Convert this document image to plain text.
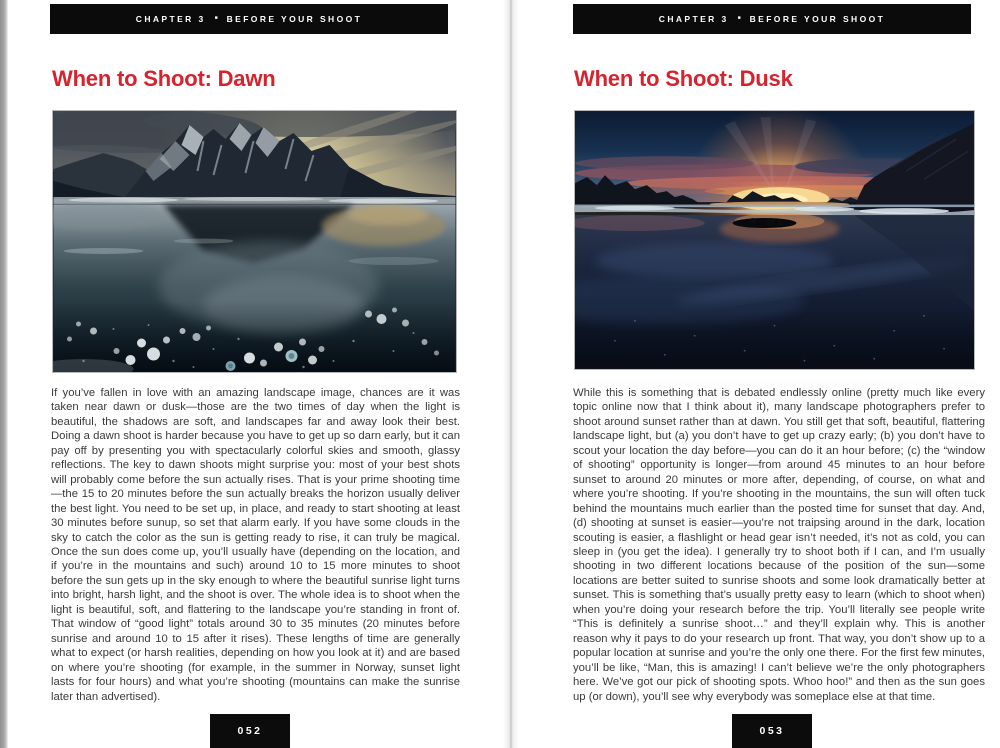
CHAPTER 3 ■ BEFORE YOUR SHOOT
When to Shoot: Dawn

If you’ve fallen in love with an amazing landscape image, chances are it was taken near dawn or dusk—those are the two times of day when the light is beautiful, the shadows are soft, and landscapes far and away look their best. Doing a dawn shoot is harder because you have to get up so darn early, but it can pay off by presenting you with spectacularly colorful skies and smooth, glassy reflections. The key to dawn shoots might surprise you: most of your best shots will probably come before the sun actually rises. That is your prime shooting time—the 15 to 20 minutes before the sun actually breaks the horizon usually deliver the best light. You need to be set up, in place, and ready to start shooting at least 30 minutes before sunup, so set that alarm early. If you have some clouds in the sky to catch the color as the sun is getting ready to rise, it can truly be magical. Once the sun does come up, you’ll usually have (depending on the location, and if you’re in the mountains and such) around 10 to 15 more minutes to shoot before the sun gets up in the sky enough to where the beautiful sunrise light turns into bright, harsh light, and the shoot is over. The whole idea is to shoot when the light is beautiful, soft, and flattering to the landscape you’re standing in front of. That window of “good light” totals around 30 to 35 minutes (20 minutes before sunrise and around 10 to 15 after it rises). These lengths of time are generally what to expect (or harsh realities, depending on how you look at it) and are based on where you’re shooting (for example, in the summer in Norway, sunset light lasts for four hours) and what you’re shooting (mountains can make the sunrise later than advertised).

052
CHAPTER 3 ■ BEFORE YOUR SHOOT
When to Shoot: Dusk

While this is something that is debated endlessly online (pretty much like every topic online now that I think about it), many landscape photographers prefer to shoot around sunset rather than at dawn. You still get that soft, beautiful, flattering landscape light, but (a) you don’t have to get up crazy early; (b) you don’t have to scout your location the day before—you can do it an hour before; (c) the “window of shooting” opportunity is longer—from around 45 minutes to an hour before sunset to around 20 minutes or more after, depending, of course, on what and where you’re shooting. If you’re shooting in the mountains, the sun will often tuck behind the mountains much earlier than the posted time for sunset that day. And, (d) shooting at sunset is easier—you’re not traipsing around in the dark, location scouting is easier, a flashlight or head gear isn’t needed, it’s not as cold, you can sleep in (you get the idea). I generally try to shoot both if I can, and I’m usually shooting in two different locations because of the position of the sun—some locations are better suited to sunrise shoots and some look dramatically better at sunset. This is something that’s usually pretty easy to learn (which to shoot when) when you’re doing your research before the trip. You’ll literally see people write “This is definitely a sunrise shoot…” and they’ll explain why. This is another reason why it pays to do your research up front. That way, you don’t show up to a popular location at sunrise and you’re the only one there. For the first few minutes, you’ll be like, “Man, this is amazing! I can’t believe we’re the only photographers here. We’ve got our pick of shooting spots. Whoo hoo!” and then as the sun goes up (or down), you’ll see why everybody was someplace else at that time.

053
